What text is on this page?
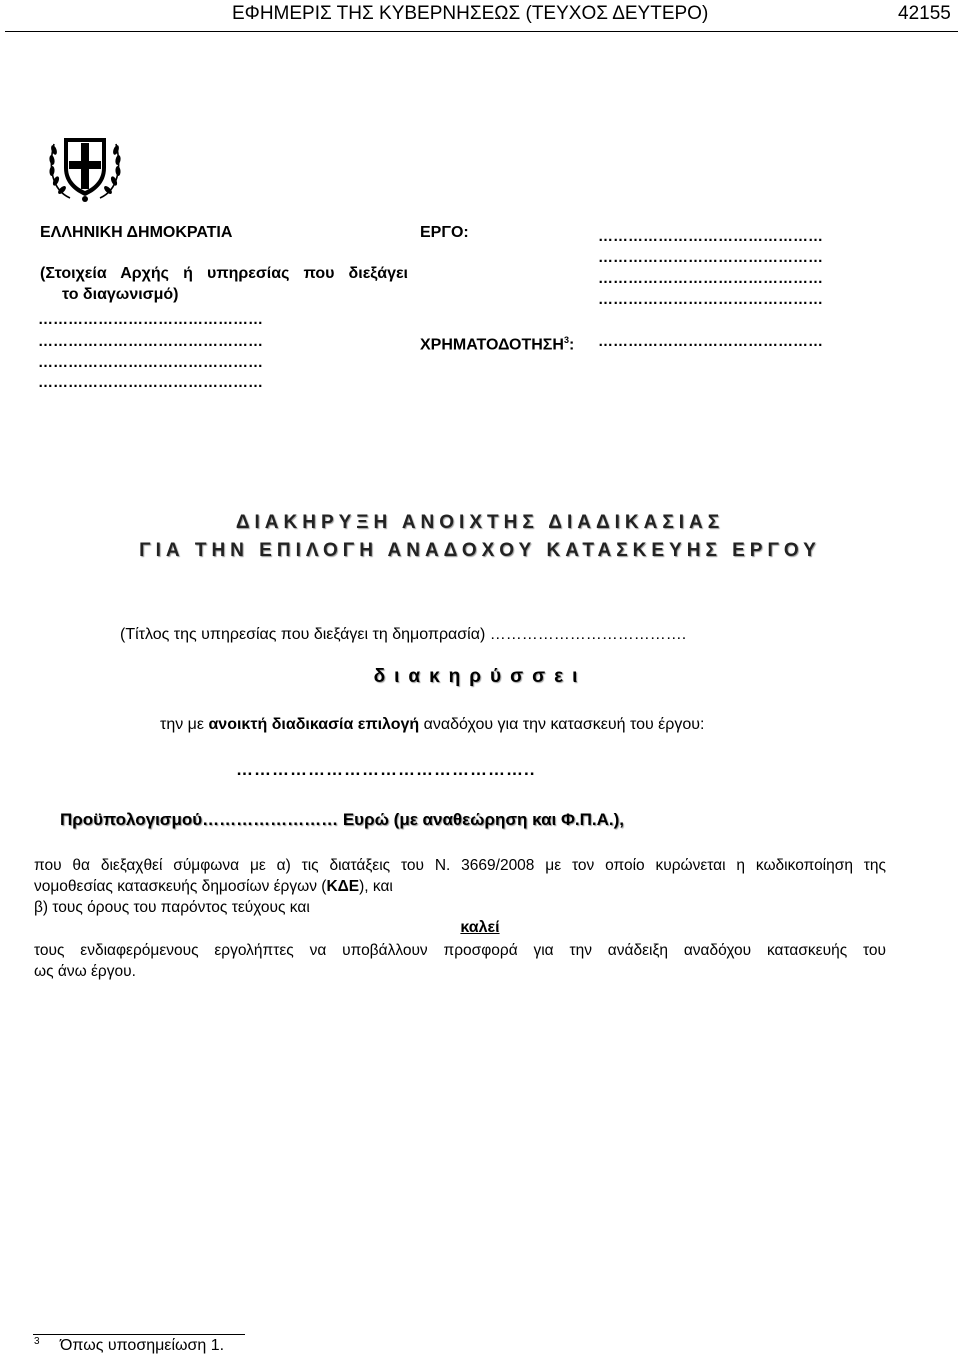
ΕΦΗΜΕΡΙΣ ΤΗΣ ΚΥΒΕΡΝΗΣΕΩΣ (ΤΕΥΧΟΣ ΔΕΥΤΕΡΟ)	42155
ΕΛΛΗΝΙΚΗ ΔΗΜΟΚΡΑΤΙΑ
(Στοιχεία Αρχής ή υπηρεσίας που διεξάγει
το διαγωνισμό)
………………………………………
………………………………………
………………………………………
………………………………………
ΕΡΓΟ:	………………………………………
………………………………………
………………………………………
………………………………………
ΧΡΗΜΑΤΟΔΟΤΗΣΗ$^3$: ………………………………………
ΔΙΑΚΗΡΥΞΗ ΑΝΟΙΧΤΗΣ ΔΙΑΔΙΚΑΣΙΑΣ
ΓΙΑ ΤΗΝ ΕΠΙΛΟΓΗ ΑΝΑΔΟΧΟΥ ΚΑΤΑΣΚΕΥΗΣ ΕΡΓΟΥ
(Τίτλος της υπηρεσίας που διεξάγει τη δημοπρασία) ……………………………….
διακηρύσσει
την με ανοικτή διαδικασία επιλογή αναδόχου για την κατασκευή του έργου:
…………………………………………..
Προϋπολογισμού…………………… Ευρώ (με αναθεώρηση και Φ.Π.Α.),
που θα διεξαχθεί σύμφωνα με α) τις διατάξεις του Ν. 3669/2008 με τον οποίο κυρώνεται η κωδικοποίηση της
νομοθεσίας κατασκευής δημοσίων έργων (ΚΔΕ), και
β) τους όρους του παρόντος τεύχους και
καλεί
τους ενδιαφερόμενους εργολήπτες να υποβάλλουν προσφορά για την ανάδειξη αναδόχου κατασκευής του
ως άνω έργου.
3 Όπως υποσημείωση 1.
